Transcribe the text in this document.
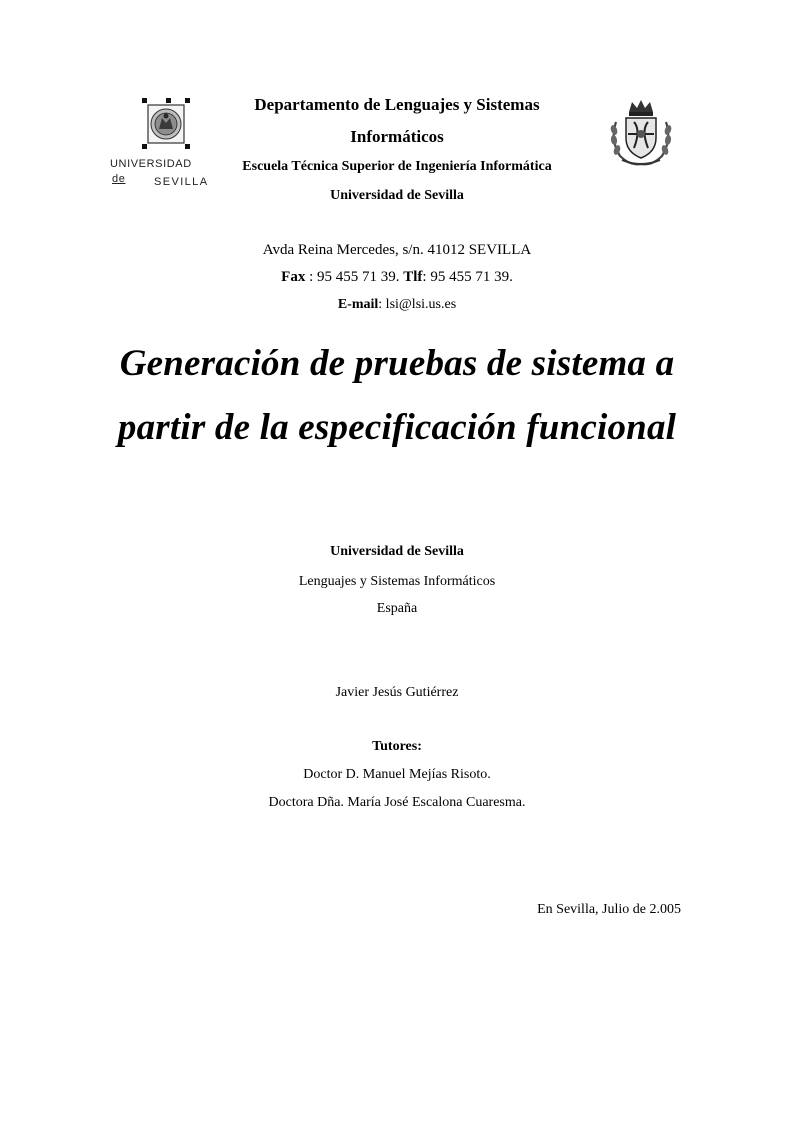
UNIVERSIDAD
de	SEVILLA
Departamento de Lenguajes y Sistemas
Informáticos
Escuela Técnica Superior de Ingeniería Informática
Universidad de Sevilla
Avda Reina Mercedes, s/n. 41012 SEVILLA
Fax : 95 455 71 39. Tlf: 95 455 71 39.
E-mail: lsi@lsi.us.es
Generación de pruebas de sistema a
partir de la especificación funcional
Universidad de Sevilla
Lenguajes y Sistemas Informáticos
España
Javier Jesús Gutiérrez
Tutores:
Doctor D. Manuel Mejías Risoto.
Doctora Dña. María José Escalona Cuaresma.
En Sevilla, Julio de 2.005
